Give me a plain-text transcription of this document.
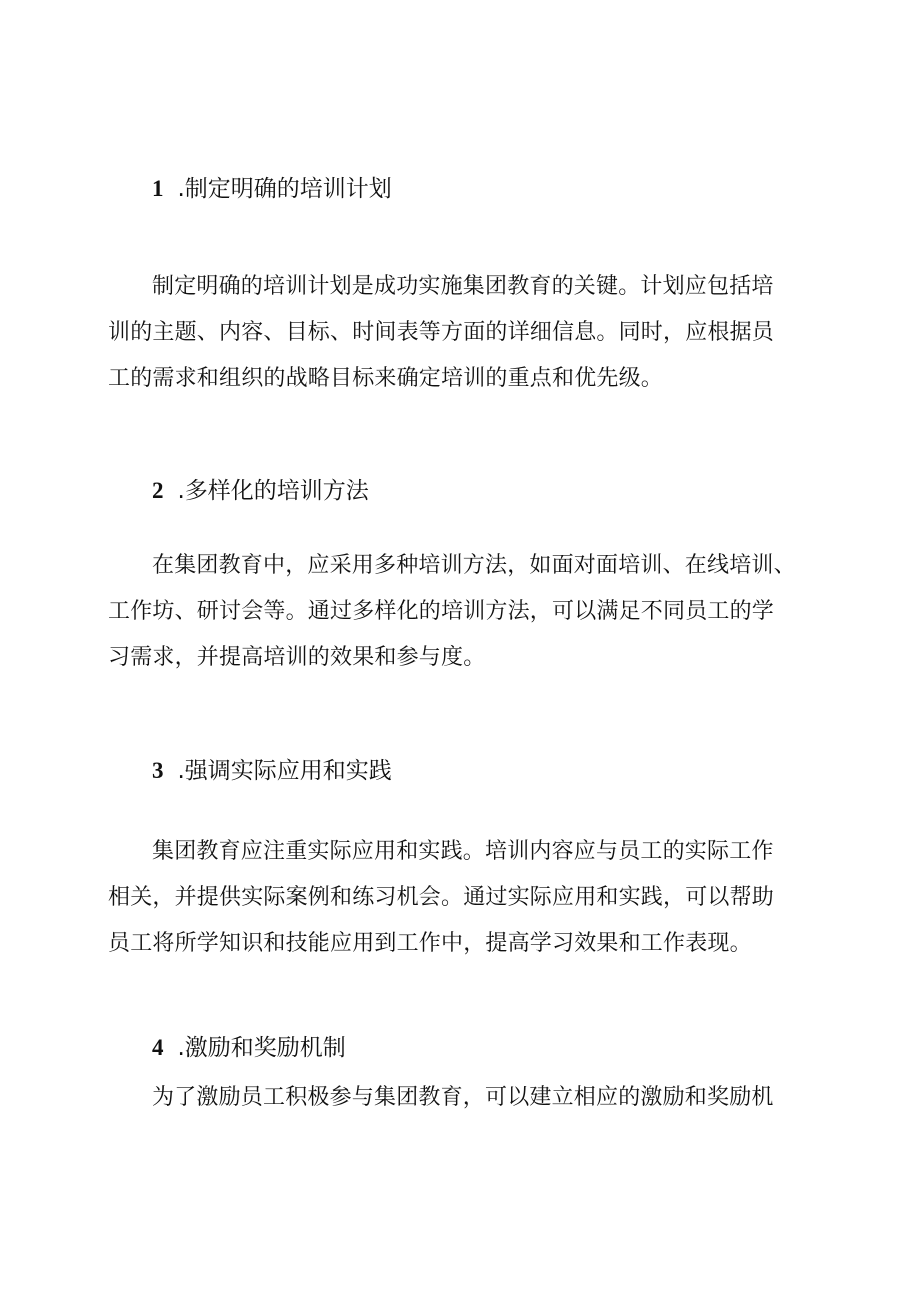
1 .制定明确的培训计划

制定明确的培训计划是成功实施集团教育的关键。计划应包括培
训的主题、内容、目标、时间表等方面的详细信息。同时，应根据员
工的需求和组织的战略目标来确定培训的重点和优先级。

2 .多样化的培训方法

在集团教育中，应采用多种培训方法，如面对面培训、在线培训、
工作坊、研讨会等。通过多样化的培训方法，可以满足不同员工的学
习需求，并提高培训的效果和参与度。

3 .强调实际应用和实践

集团教育应注重实际应用和实践。培训内容应与员工的实际工作
相关，并提供实际案例和练习机会。通过实际应用和实践，可以帮助
员工将所学知识和技能应用到工作中，提高学习效果和工作表现。

4 .激励和奖励机制

为了激励员工积极参与集团教育，可以建立相应的激励和奖励机
